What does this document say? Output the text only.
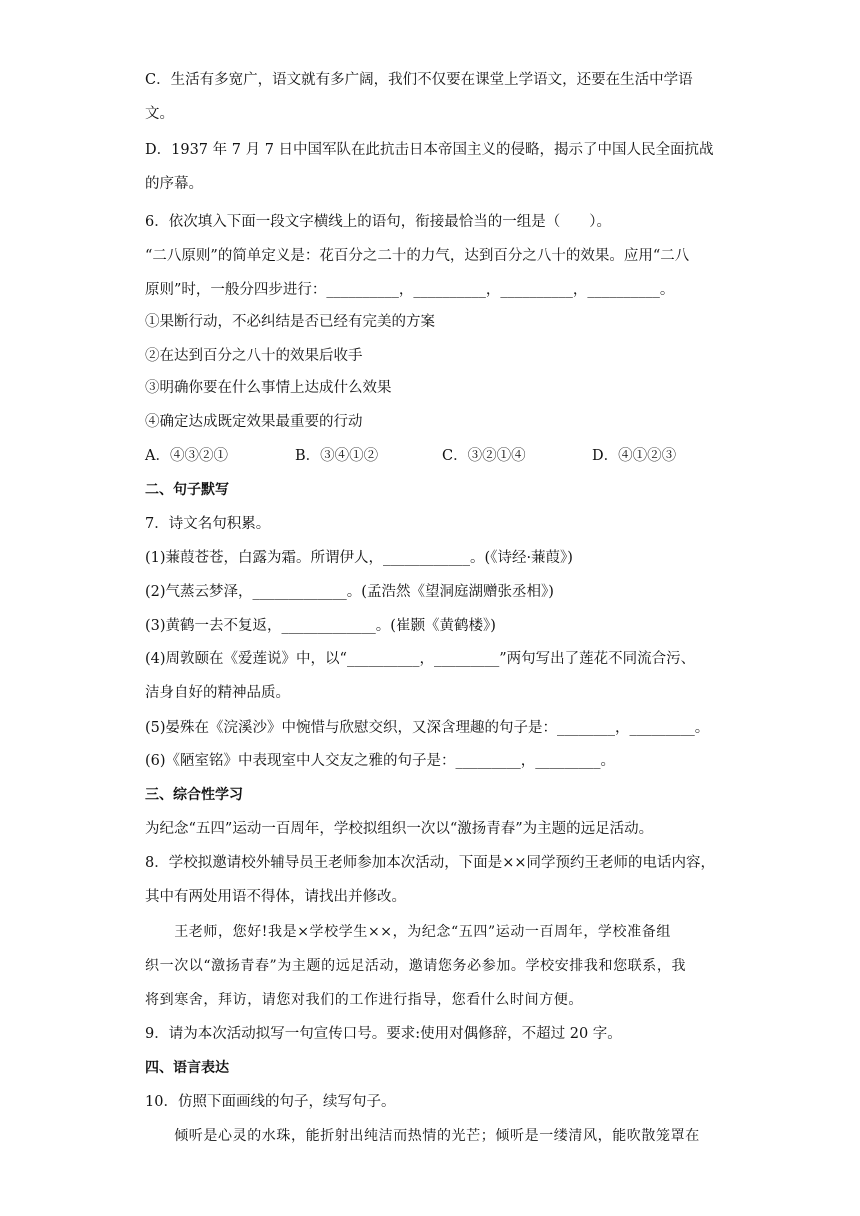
C．生活有多宽广，语文就有多广阔，我们不仅要在课堂上学语文，还要在生活中学语
文。
D．1937 年 7 月 7 日中国军队在此抗击日本帝国主义的侵略，揭示了中国人民全面抗战
的序幕。
6．依次填入下面一段文字横线上的语句，衔接最恰当的一组是（　　）。
“二八原则”的简单定义是：花百分之二十的力气，达到百分之八十的效果。应用“二八
原则”时，一般分四步进行：__________，__________，__________，__________。
①果断行动，不必纠结是否已经有完美的方案
②在达到百分之八十的效果后收手
③明确你要在什么事情上达成什么效果
④确定达成既定效果最重要的行动
A．④③②①	B．③④①②	C．③②①④	D．④①②③
二、句子默写
7．诗文名句积累。
(1)蒹葭苍苍，白露为霜。所谓伊人，____________。(《诗经·蒹葭》)
(2)气蒸云梦泽，_____________。(孟浩然《望洞庭湖赠张丞相》)
(3)黄鹤一去不复返，_____________。(崔颢《黄鹤楼》)
(4)周敦颐在《爱莲说》中，以“__________，_________”两句写出了莲花不同流合污、
洁身自好的精神品质。
(5)晏殊在《浣溪沙》中惋惜与欣慰交织，又深含理趣的句子是：________，_________。
(6)《陋室铭》中表现室中人交友之雅的句子是：_________，_________。
三、综合性学习
为纪念“五四”运动一百周年，学校拟组织一次以“激扬青春”为主题的远足活动。
8．学校拟邀请校外辅导员王老师参加本次活动，下面是××同学预约王老师的电话内容，
其中有两处用语不得体，请找出并修改。
　　王老师，您好!我是×学校学生××，为纪念“五四”运动一百周年，学校准备组
织一次以“激扬青春”为主题的远足活动，邀请您务必参加。学校安排我和您联系，我
将到寒舍，拜访，请您对我们的工作进行指导，您看什么时间方便。
9．请为本次活动拟写一句宣传口号。要求:使用对偶修辞，不超过 20 字。
四、语言表达
10．仿照下面画线的句子，续写句子。
　　倾听是心灵的水珠，能折射出纯洁而热情的光芒；倾听是一缕清风，能吹散笼罩在
